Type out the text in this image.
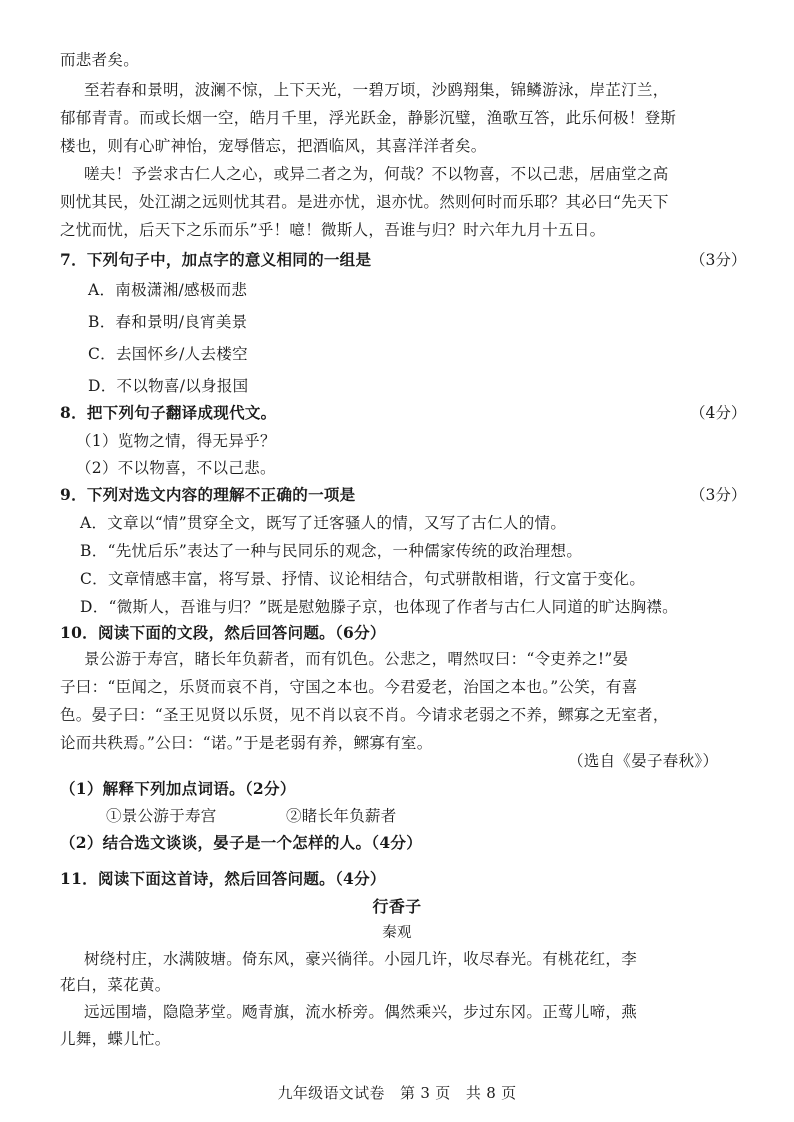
而悲者矣。
至若春和景明，波澜不惊，上下天光，一碧万顷，沙鸥翔集，锦鳞游泳，岸芷汀兰，
郁郁青青。而或长烟一空，皓月千里，浮光跃金，静影沉璧，渔歌互答，此乐何极！登斯
楼也，则有心旷神怡，宠辱偕忘，把酒临风，其喜洋洋者矣。
嗟夫！予尝求古仁人之心，或异二者之为，何哉？不以物喜，不以己悲，居庙堂之高
则忧其民，处江湖之远则忧其君。是进亦忧，退亦忧。然则何时而乐耶？其必曰“先天下
之忧而忧，后天下之乐而乐”乎！噫！微斯人，吾谁与归？时六年九月十五日。
7．下列句子中，加点字的意义相同的一组是	（3分）
A．南极潇湘/感极而悲
B．春和景明/良宵美景
C．去国怀乡/人去楼空
D．不以物喜/以身报国
8．把下列句子翻译成现代文。	（4分）
（1）览物之情，得无异乎？
（2）不以物喜，不以己悲。
9．下列对选文内容的理解不正确的一项是	（3分）
A．文章以“情”贯穿全文，既写了迁客骚人的情，又写了古仁人的情。
B．“先忧后乐”表达了一种与民同乐的观念，一种儒家传统的政治理想。
C．文章情感丰富，将写景、抒情、议论相结合，句式骈散相谐，行文富于变化。
D．“微斯人，吾谁与归？”既是慰勉滕子京，也体现了作者与古仁人同道的旷达胸襟。
10．阅读下面的文段，然后回答问题。（6分）
景公游于寿宫，睹长年负薪者，而有饥色。公悲之，喟然叹曰：“令吏养之!”晏
子曰：“臣闻之，乐贤而哀不肖，守国之本也。今君爱老，治国之本也。”公笑，有喜
色。晏子曰：“圣王见贤以乐贤，见不肖以哀不肖。今请求老弱之不养，鳏寡之无室者，
论而共秩焉。”公曰：“诺。”于是老弱有养，鳏寡有室。
（选自《晏子春秋》）
（1）解释下列加点词语。（2分）
①景公游于寿宫	②睹长年负薪者
（2）结合选文谈谈，晏子是一个怎样的人。（4分）
11．阅读下面这首诗，然后回答问题。（4分）
行香子
秦观
树绕村庄，水满陂塘。倚东风，豪兴徜徉。小园几许，收尽春光。有桃花红，李
花白，菜花黄。
远远围墙，隐隐茅堂。飏青旗，流水桥旁。偶然乘兴，步过东冈。正莺儿啼，燕
儿舞，蝶儿忙。
九年级语文试卷　第 3 页　共 8 页
